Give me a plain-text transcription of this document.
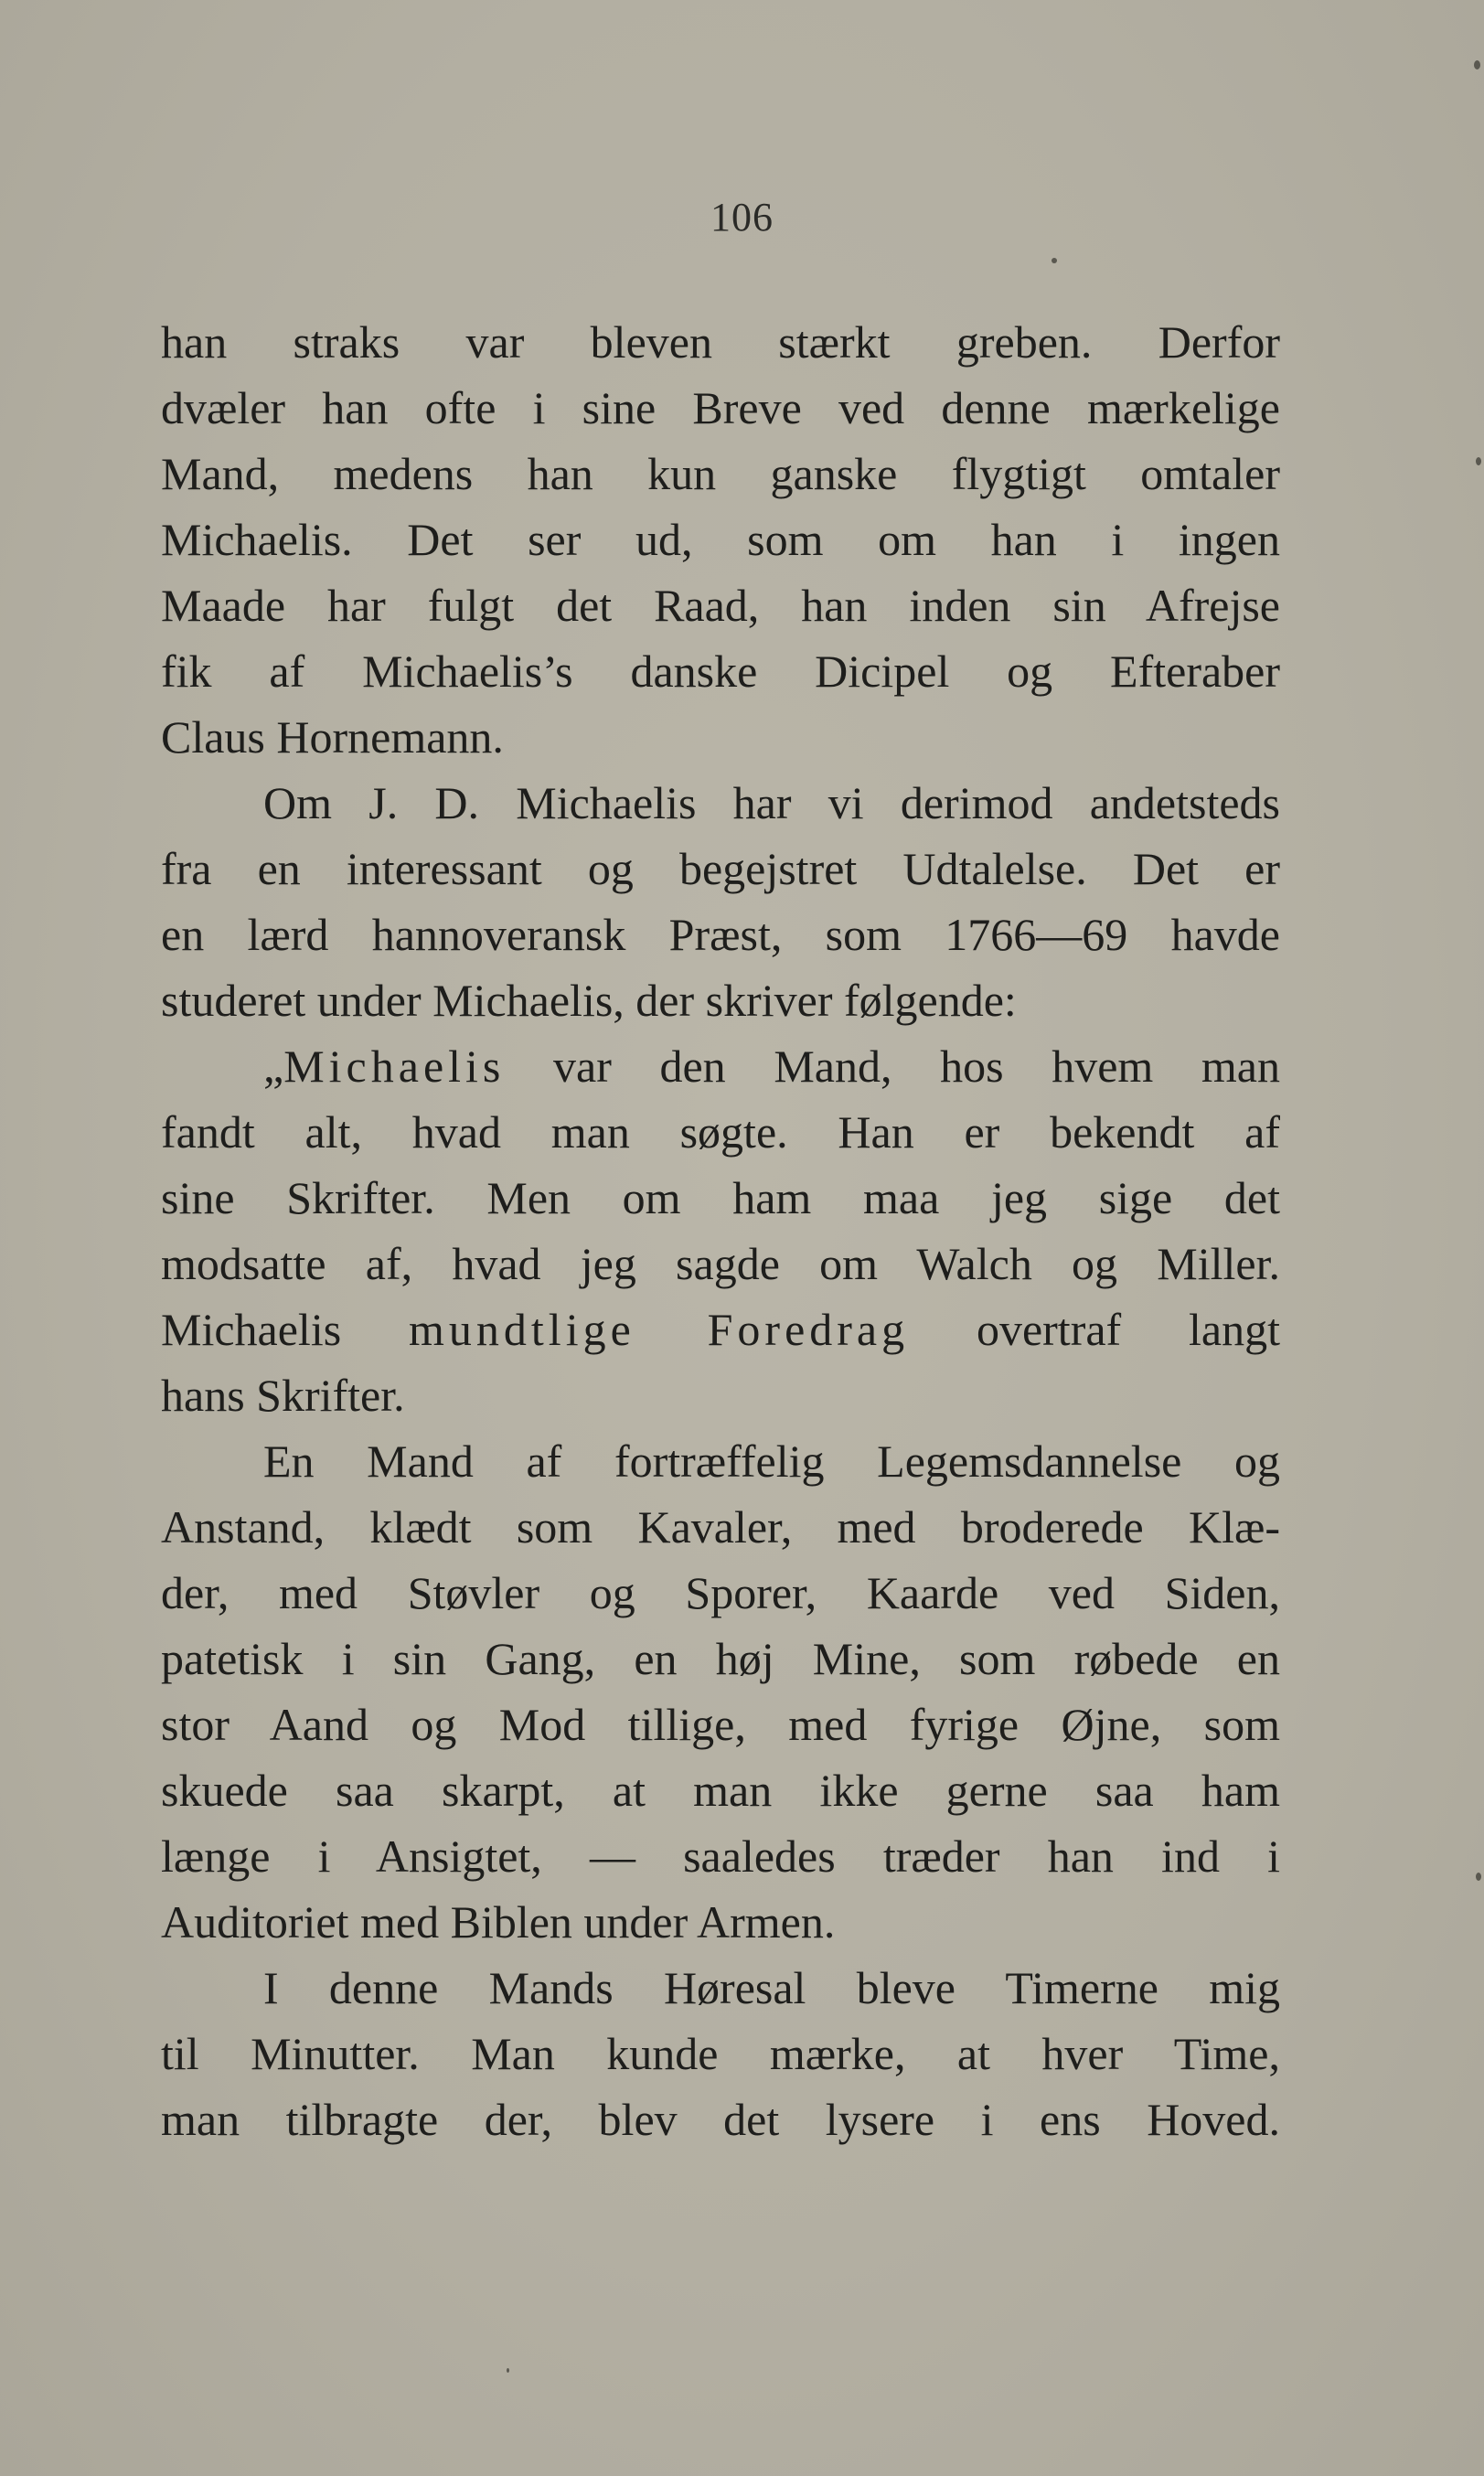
106
han straks var bleven stærkt greben. Derfor
dvæler han ofte i sine Breve ved denne mærkelige
Mand, medens han kun ganske flygtigt omtaler
Michaelis. Det ser ud, som om han i ingen
Maade har fulgt det Raad, han inden sin Afrejse
fik af Michaelis’s danske Dicipel og Efteraber
Claus Hornemann.
Om J. D. Michaelis har vi derimod andetsteds
fra en interessant og begejstret Udtalelse. Det er
en lærd hannoveransk Præst, som 1766—69 havde
studeret under Michaelis, der skriver følgende:
„Michaelis var den Mand, hos hvem man
fandt alt, hvad man søgte. Han er bekendt af
sine Skrifter. Men om ham maa jeg sige det
modsatte af, hvad jeg sagde om Walch og Miller.
Michaelis mundtlige Foredrag overtraf langt
hans Skrifter.
En Mand af fortræffelig Legemsdannelse og
Anstand, klædt som Kavaler, med broderede Klæ-
der, med Støvler og Sporer, Kaarde ved Siden,
patetisk i sin Gang, en høj Mine, som røbede en
stor Aand og Mod tillige, med fyrige Øjne, som
skuede saa skarpt, at man ikke gerne saa ham
længe i Ansigtet, — saaledes træder han ind i
Auditoriet med Biblen under Armen.
I denne Mands Høresal bleve Timerne mig
til Minutter. Man kunde mærke, at hver Time,
man tilbragte der, blev det lysere i ens Hoved.
